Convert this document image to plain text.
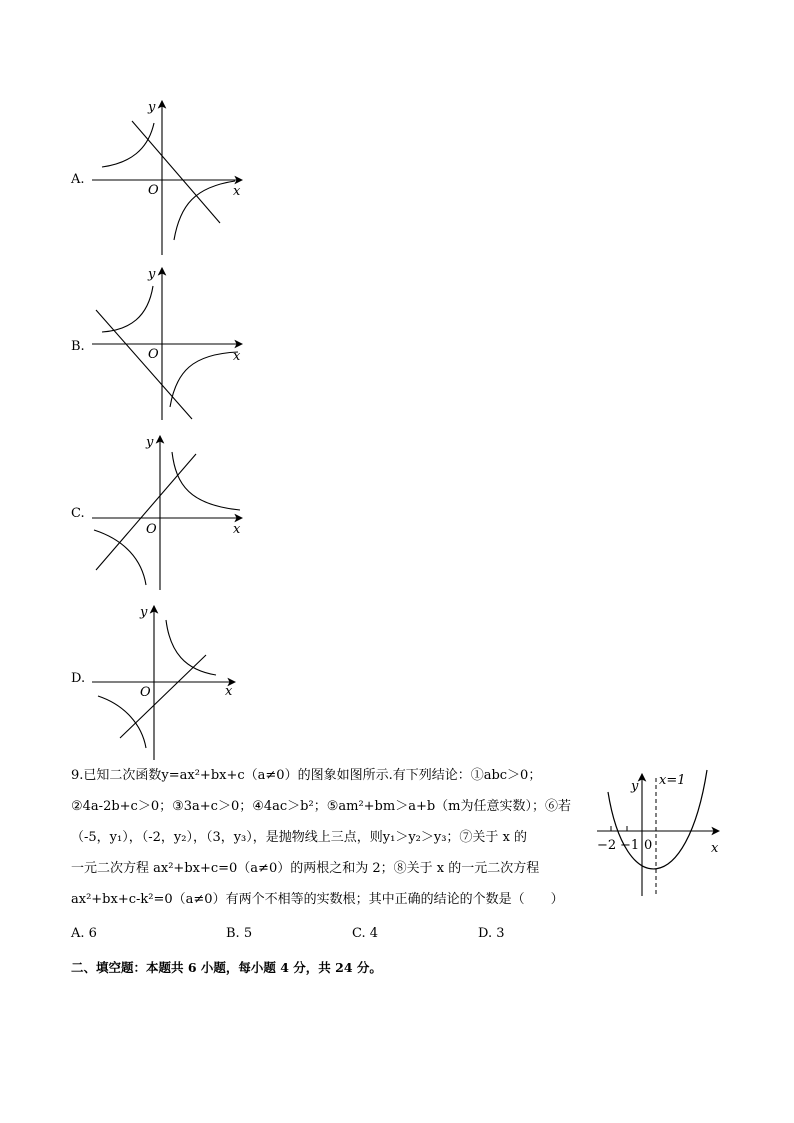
A.
y
x
O
B.
y
x
O
C.
y
x
O
D.
y
x
O
9.已知二次函数y=ax²+bx+c（a≠0）的图象如图所示.有下列结论：①abc＞0；
②4a-2b+c＞0；③3a+c＞0；④4ac＞b²；⑤am²+bm＞a+b（m为任意实数）；⑥若
（-5，y₁），（-2，y₂），（3，y₃），是抛物线上三点，则y₁＞y₂＞y₃；⑦关于 x 的
一元二次方程 ax²+bx+c=0（a≠0）的两根之和为 2；⑧关于 x 的一元二次方程
ax²+bx+c-k²=0（a≠0）有两个不相等的实数根；其中正确的结论的个数是（　　）
y x=1
x
−2 −1 0
A. 6	B. 5	C. 4	D. 3
二、填空题：本题共 6 小题，每小题 4 分，共 24 分。
